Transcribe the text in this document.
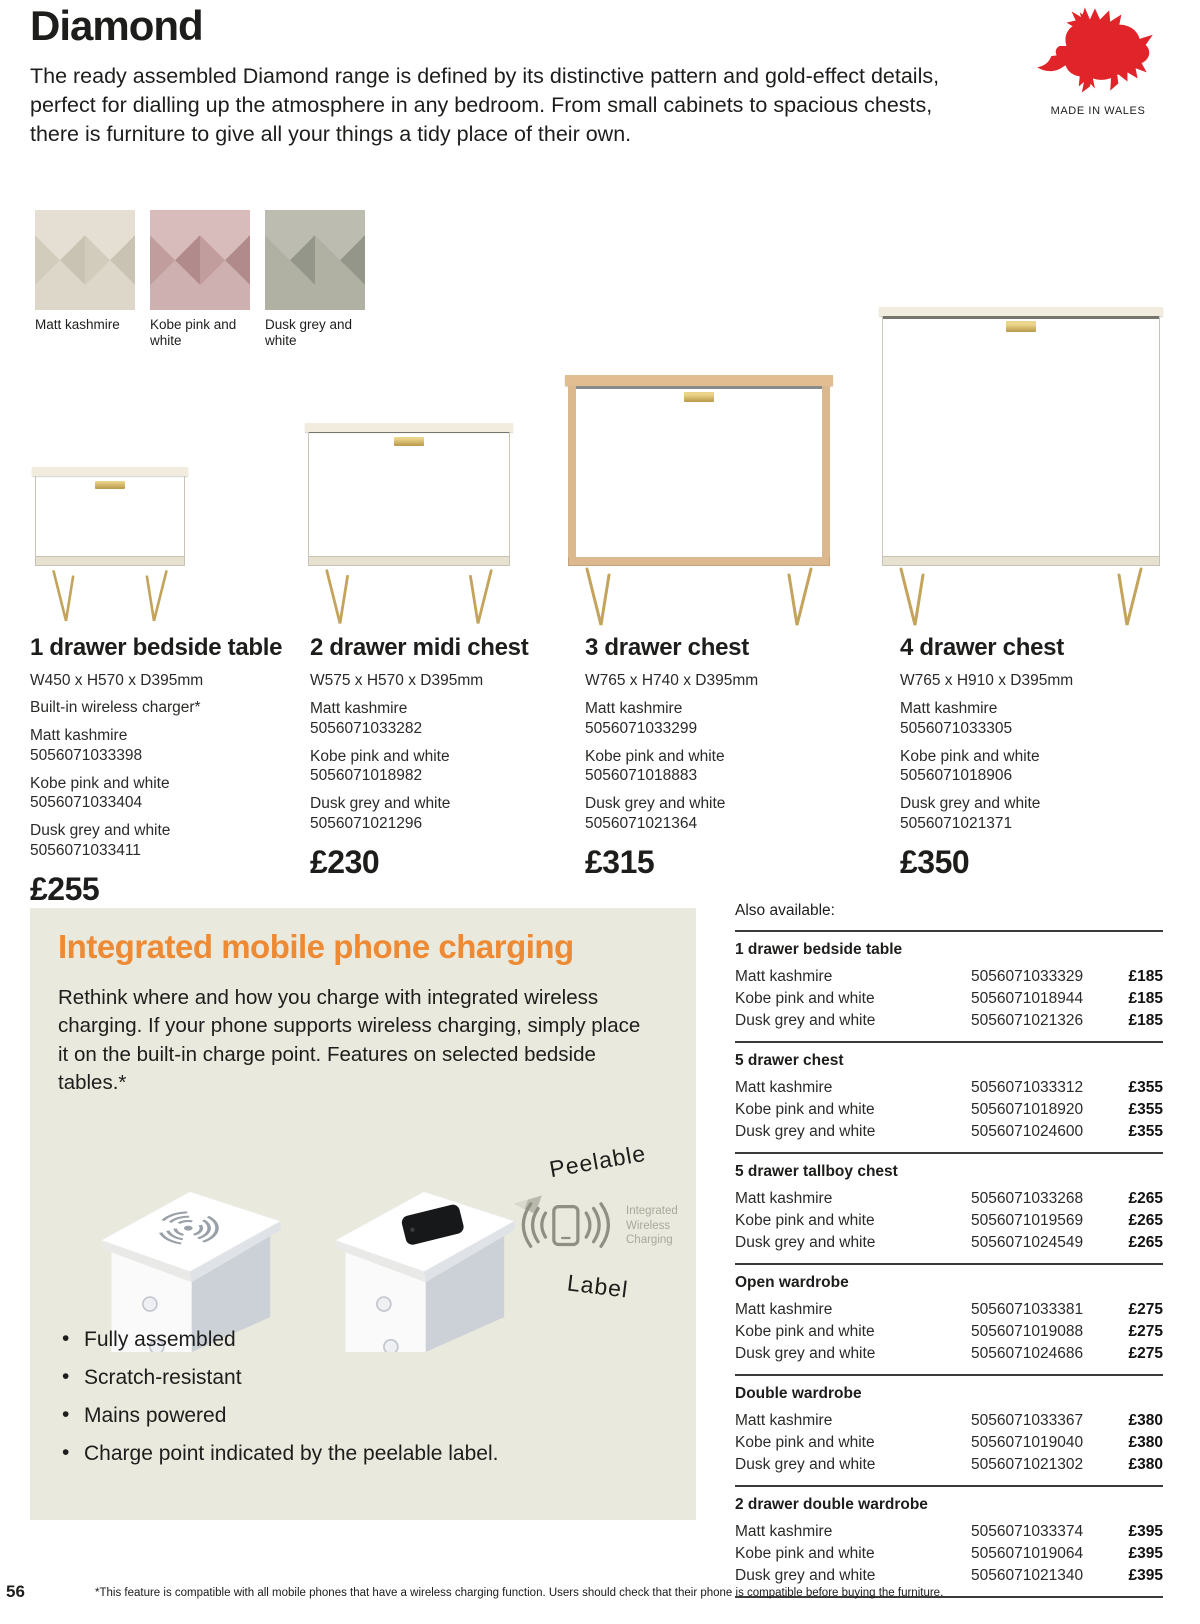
Diamond

The ready assembled Diamond range is defined by its distinctive pattern and gold-effect details, perfect for dialling up the atmosphere in any bedroom. From small cabinets to spacious chests, there is furniture to give all your things a tidy place of their own.

MADE IN WALES
Matt kashmire	Kobe pink and white
Dusk grey and white
1 drawer bedside table
W450 x H570 x D395mm
Built-in wireless charger*
Matt kashmire
5056071033398
Kobe pink and white
5056071033404
Dusk grey and white
5056071033411
£255
2 drawer midi chest
W575 x H570 x D395mm
Matt kashmire
5056071033282
Kobe pink and white
5056071018982
Dusk grey and white
5056071021296
£230
3 drawer chest
W765 x H740 x D395mm
Matt kashmire
5056071033299
Kobe pink and white
5056071018883
Dusk grey and white
5056071021364
£315
4 drawer chest
W765 x H910 x D395mm
Matt kashmire
5056071033305
Kobe pink and white
5056071018906
Dusk grey and white
5056071021371
£350
Integrated mobile phone charging

Rethink where and how you charge with integrated wireless charging. If your phone supports wireless charging, simply place it on the built-in charge point. Features on selected bedside tables.*

Peelable
Integrated
Wireless
Charging
Label
• Fully assembled
• Scratch-resistant
• Mains powered
• Charge point indicated by the peelable label.

Also available:

1 drawer bedside table
Matt kashmire	5056071033329	£185
Kobe pink and white	5056071018944	£185
Dusk grey and white	5056071021326	£185
5 drawer chest
Matt kashmire	5056071033312	£355
Kobe pink and white	5056071018920	£355
Dusk grey and white	5056071024600	£355
5 drawer tallboy chest
Matt kashmire	5056071033268	£265
Kobe pink and white	5056071019569	£265
Dusk grey and white	5056071024549	£265
Open wardrobe
Matt kashmire	5056071033381	£275
Kobe pink and white	5056071019088	£275
Dusk grey and white	5056071024686	£275
Double wardrobe
Matt kashmire	5056071033367	£380
Kobe pink and white	5056071019040	£380
Dusk grey and white	5056071021302	£380
2 drawer double wardrobe
Matt kashmire	5056071033374	£395
Kobe pink and white	5056071019064	£395
Dusk grey and white	5056071021340	£395
56	*This feature is compatible with all mobile phones that have a wireless charging function. Users should check that their phone is compatible before buying the furniture.
